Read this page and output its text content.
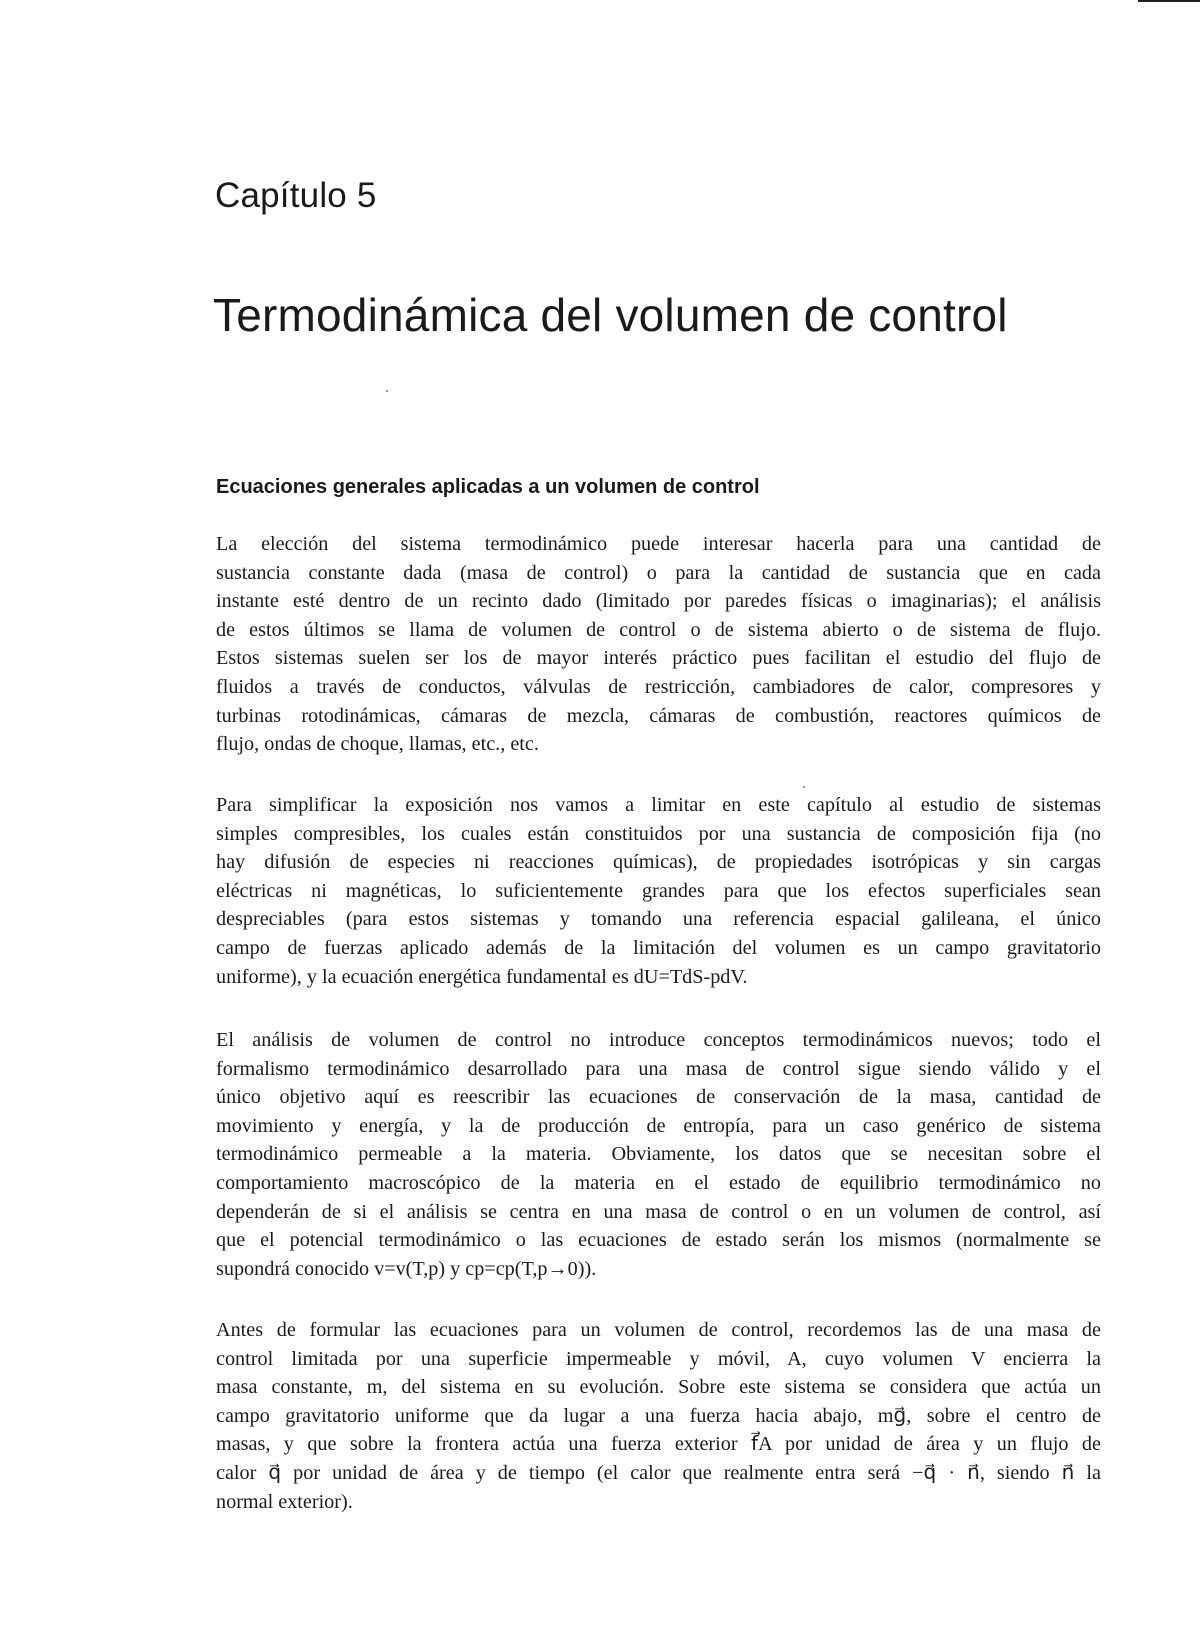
Capítulo 5
Termodinámica del volumen de control
Ecuaciones generales aplicadas a un volumen de control
La elección del sistema termodinámico puede interesar hacerla para una cantidad de
sustancia constante dada (masa de control) o para la cantidad de sustancia que en cada
instante esté dentro de un recinto dado (limitado por paredes físicas o imaginarias); el análisis
de estos últimos se llama de volumen de control o de sistema abierto o de sistema de flujo.
Estos sistemas suelen ser los de mayor interés práctico pues facilitan el estudio del flujo de
fluidos a través de conductos, válvulas de restricción, cambiadores de calor, compresores y
turbinas rotodinámicas, cámaras de mezcla, cámaras de combustión, reactores químicos de
flujo, ondas de choque, llamas, etc., etc.
Para simplificar la exposición nos vamos a limitar en este capítulo al estudio de sistemas
simples compresibles, los cuales están constituidos por una sustancia de composición fija (no
hay difusión de especies ni reacciones químicas), de propiedades isotrópicas y sin cargas
eléctricas ni magnéticas, lo suficientemente grandes para que los efectos superficiales sean
despreciables (para estos sistemas y tomando una referencia espacial galileana, el único
campo de fuerzas aplicado además de la limitación del volumen es un campo gravitatorio
uniforme), y la ecuación energética fundamental es dU=TdS-pdV.
El análisis de volumen de control no introduce conceptos termodinámicos nuevos; todo el
formalismo termodinámico desarrollado para una masa de control sigue siendo válido y el
único objetivo aquí es reescribir las ecuaciones de conservación de la masa, cantidad de
movimiento y energía, y la de producción de entropía, para un caso genérico de sistema
termodinámico permeable a la materia. Obviamente, los datos que se necesitan sobre el
comportamiento macroscópico de la materia en el estado de equilibrio termodinámico no
dependerán de si el análisis se centra en una masa de control o en un volumen de control, así
que el potencial termodinámico o las ecuaciones de estado serán los mismos (normalmente se
supondrá conocido v=v(T,p) y cp=cp(T,p→0)).
Antes de formular las ecuaciones para un volumen de control, recordemos las de una masa de
control limitada por una superficie impermeable y móvil, A, cuyo volumen V encierra la
masa constante, m, del sistema en su evolución. Sobre este sistema se considera que actúa un
campo gravitatorio uniforme que da lugar a una fuerza hacia abajo, mg⃗, sobre el centro de
masas, y que sobre la frontera actúa una fuerza exterior f⃗A por unidad de área y un flujo de
calor q⃗ por unidad de área y de tiempo (el calor que realmente entra será −q⃗ · n⃗, siendo n⃗ la
normal exterior).
